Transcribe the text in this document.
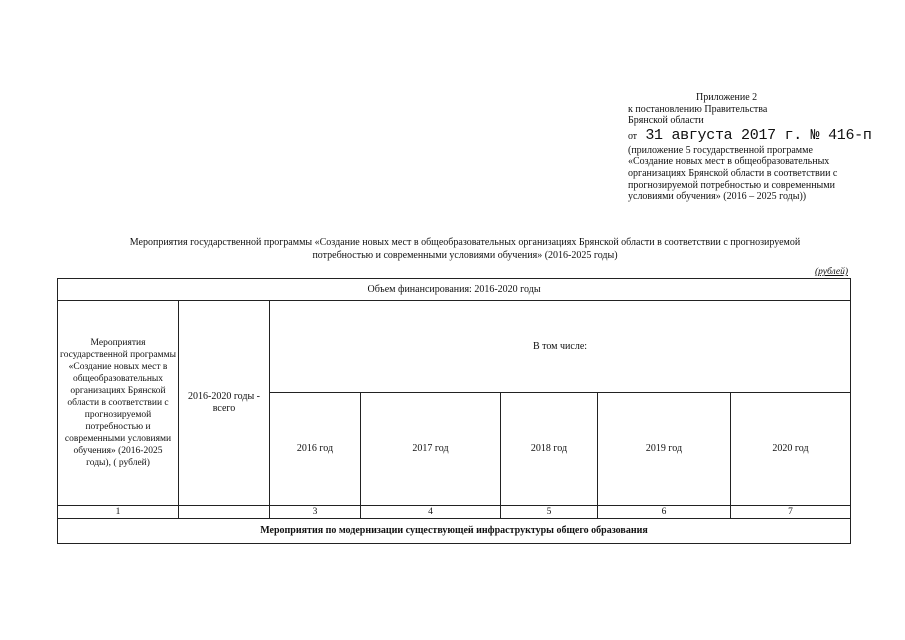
Приложение 2
к постановлению Правительства
Брянской области
от 31 августа 2017 г. № 416-п
(приложение 5 государственной программе
«Создание новых мест в общеобразовательных
организациях Брянской области в соответствии с
прогнозируемой потребностью и современными
условиями обучения» (2016 – 2025 годы))
Мероприятия государственной программы «Создание новых мест в общеобразовательных организациях Брянской области в соответствии с прогнозируемой
потребностью и современными условиями обучения» (2016-2025 годы)
(рублей)
Объем финансирования: 2016-2020 годы						
Мероприятия государственной программы «Создание новых мест в общеобразовательных организациях Брянской области в соответствии с прогнозируемой потребностью и современными условиями обучения» (2016-2025 годы), ( рублей)	2016-2020 годы - всего	В том числе:				
		2016 год	2017 год	2018 год	2019 год	2020 год
1		3	4	5	6	7
Мероприятия по модернизации существующей инфраструктуры общего образования						
